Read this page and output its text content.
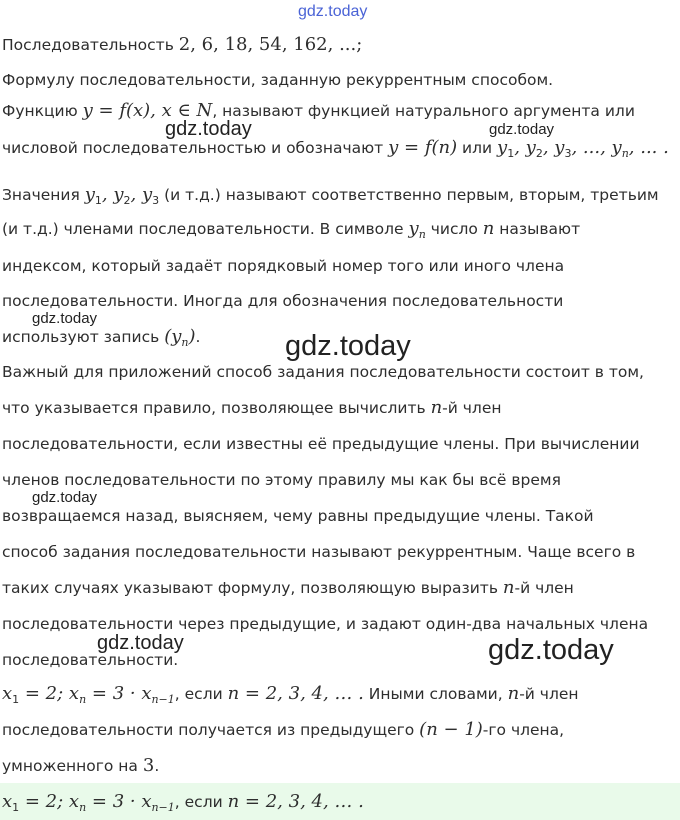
gdz.today
gdz.today	gdz.today
gdz.today
gdz.today
gdz.today
gdz.today	gdz.today
Последовательность 2, 6, 18, 54, 162, ...;
Формулу последовательности, заданную рекуррентным способом.
Функцию y = f(x), x ∈ N, называют функцией натурального аргумента или
числовой последовательностью и обозначают y = f(n) или $y_1$, $y_2$, $y_3$, ..., $y_n$, ... .
Значения $y_1$, $y_2$, $y_3$ (и т.д.) называют соответственно первым, вторым, третьим
(и т.д.) членами последовательности. В символе $y_n$ число n называют
индексом, который задаёт порядковый номер того или иного члена
последовательности. Иногда для обозначения последовательности
используют запись $(y_n)$.
Важный для приложений способ задания последовательности состоит в том,
что указывается правило, позволяющее вычислить n-й член
последовательности, если известны её предыдущие члены. При вычислении
членов последовательности по этому правилу мы как бы всё время
возвращаемся назад, выясняем, чему равны предыдущие члены. Такой
способ задания последовательности называют рекуррентным. Чаще всего в
таких случаях указывают формулу, позволяющую выразить n-й член
последовательности через предыдущие, и задают один-два начальных члена
последовательности.
$x_1 = 2$; $x_n = 3 \cdot x_{n-1}$, если n = 2, 3, 4, … . Иными словами, n-й член
последовательности получается из предыдущего (n − 1)-го члена,
умноженного на 3.
$x_1 = 2$; $x_n = 3 \cdot x_{n-1}$, если n = 2, 3, 4, … .
